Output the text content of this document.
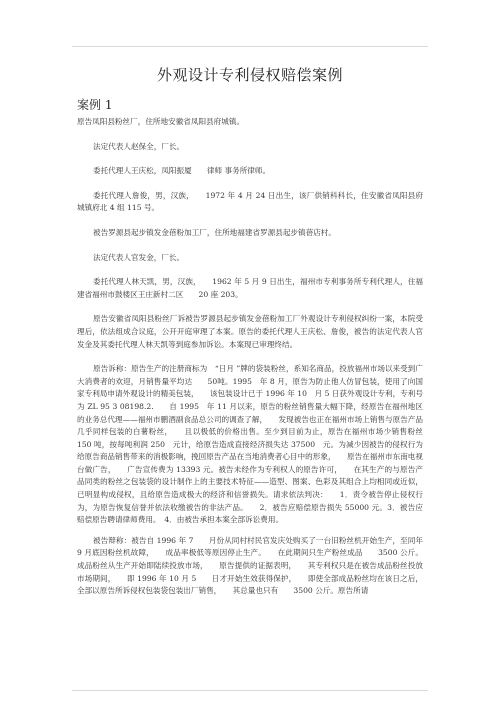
外观设计专利侵权赔偿案例
案例 1

原告凤阳县粉丝厂，住所地安徽省凤阳县府城镇。

法定代表人赵保全，厂长。

委托代理人王庆松，凤阳振厦　　律师 事务所律师。

委托代理人詹俊，男，汉族，　　1972 年 4 月 24 日出生，该厂供销科科长，住安徽省凤阳县府城镇府北 4 组 115 号。

被告罗源县起步镇发金蓓粉加工厂，住所地福建省罗源县起步镇蓓店村。

法定代表人官发金，厂长。

委托代理人林天凯，男，汉族，　　1962 年 5 月 9 日出生，福州市专利事务所专利代理人，住福建省福州市鼓楼区王庄新村二区　　20 座 203。

原告安徽省凤阳县粉丝厂诉被告罗源县起步镇发金蓓粉加工厂外观设计专利侵权纠纷一案，本院受理后，依法组成合议庭，公开开庭审理了本案。原告的委托代理人王庆松、詹俊，被告的法定代表人官发金及其委托代理人林天凯等到庭参加诉讼。本案现已审理终结。

原告诉称：原告生产的注册商标为　“日月 ”牌的袋装粉丝，系知名商品，投放福州市场以来受到广大消费者的欢迎，月销售量平均达　　50吨。1995　年 8 月，原告为防止他人仿冒包装，使用了向国家专利局申请外观设计的精美包装，　　该包装设计已于 1996 年 10　月 5 日获外观设计专利，专利号为 ZL 95 3 08198.2.　　自 1995　年 11 月以来，原告的粉丝销售量大幅下降，经原告在福州地区的业务总代理——福州市鹏酒副食品总公司的调查了解，　　发现被告也正在福州市场上销售与原告产品几乎同样包装的白薯粉丝，　　且以极低的价格出售。至少到目前为止，原告在福州市场少销售粉丝　　　150 吨，按每吨利润 250　元计，给原告造成直接经济损失达 37500　元。为减少因被告的侵权行为给原告商品销售带来的消极影响，挽回原告产品在当地消费者心目中的形象，　　原告在福州市东南电视台做广告，　　广告宣传费为 13393 元。被告未经作为专利权人的原告许可，　　在其生产的与原告产品同类的粉丝之包装袋的设计制作上的主要技术特征——造型、图案、色彩及其组合上均相同或近似，已明显构成侵权，且给原告造成极大的经济和信誉损失。请求依法判决：　　1．责令被告停止侵权行为，为原告恢复信誉并依法收缴被告的非法产品。　　2．被告应赔偿原告损失 55000 元。3．被告应赔偿原告聘请律师费用。　4．由被告承担本案全部诉讼费用。

被告辩称：被告自 1996 年 7　　月份从同村村民官发庆处购买了一台旧粉丝机开始生产，至同年 9 月底因粉丝机故障，　　成品率极低等原因停止生产。　　在此期间只生产粉丝成品　　3500 公斤。成品粉丝从生产开始即陆续投放市场，　　原告提供的证据表明，　　其专利权只是在被告成品粉丝投放市场期间，　　即 1996 年 10 月 5　　日才开始生效获得保护，　　即使全部成品粉丝均在该日之后，全部以原告所诉侵权包装袋包装出厂销售，　　其总量也只有　　3500 公斤。原告所请
